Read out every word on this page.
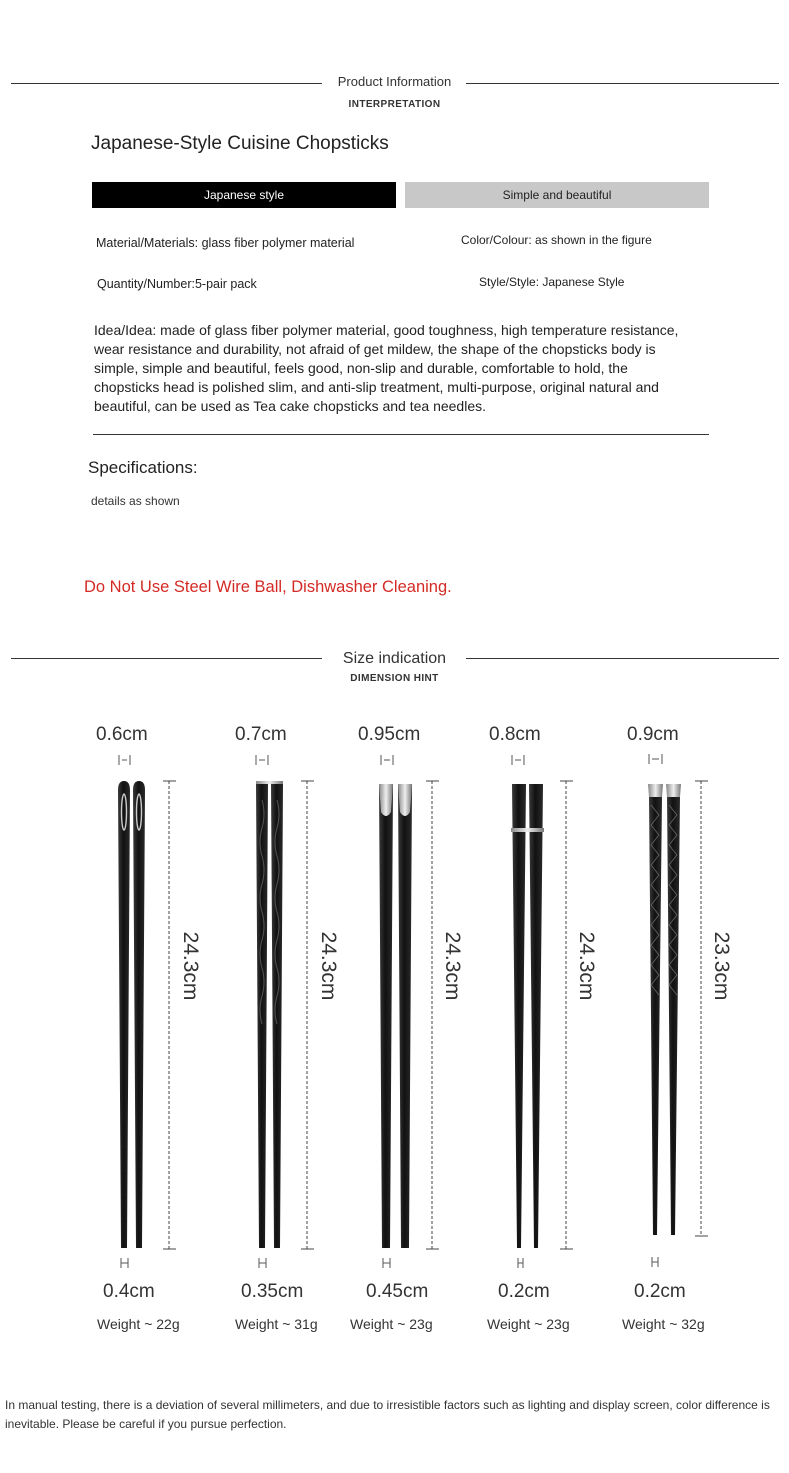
Product Information
INTERPRETATION
Japanese-Style Cuisine Chopsticks
Japanese style	Simple and beautiful
Material/Materials: glass fiber polymer material	Color/Colour: as shown in the figure
Quantity/Number:5-pair pack	Style/Style: Japanese Style
Idea/Idea: made of glass fiber polymer material, good toughness, high temperature resistance, wear resistance and durability, not afraid of get mildew, the shape of the chopsticks body is simple, simple and beautiful, feels good, non-slip and durable, comfortable to hold, the chopsticks head is polished slim, and anti-slip treatment, multi-purpose, original natural and beautiful, can be used as Tea cake chopsticks and tea needles.
Specifications:
details as shown
Do Not Use Steel Wire Ball, Dishwasher Cleaning.
Size indication
DIMENSION HINT
24.3cm	24.3cm	24.3cm	24.3cm	23.3cm
0.6cm	0.7cm	0.95cm	0.8cm	0.9cm
0.4cm	0.35cm	0.45cm	0.2cm	0.2cm
Weight ~ 22g	Weight ~ 31g Weight ~ 23g	Weight ~ 23g	Weight ~ 32g
In manual testing, there is a deviation of several millimeters, and due to irresistible factors such as lighting and display screen, color difference is inevitable. Please be careful if you pursue perfection.
